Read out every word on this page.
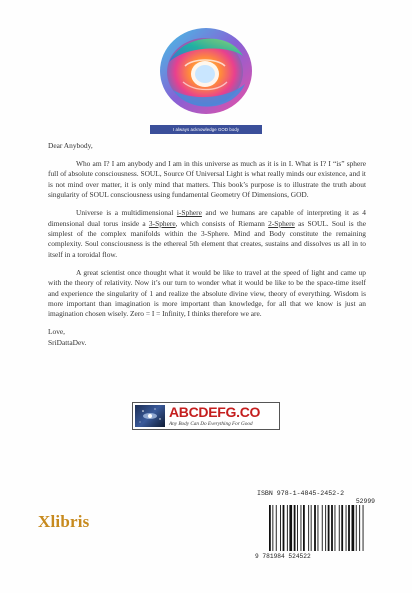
I always acknowledge GOD body

Dear Anybody,

Who am I? I am anybody and I am in this universe as much as it is in I. What is I? I “is” sphere full of absolute consciousness. SOUL, Source Of Universal Light is what really minds our existence, and it is not mind over matter, it is only mind that matters. This book’s purpose is to illustrate the truth about singularity of SOUL consciousness using fundamental Geometry Of Dimensions, GOD.

Universe is a multidimensional i-Sphere and we humans are capable of interpreting it as 4 dimensional dual torus inside a 3-Sphere, which consists of Riemann 2-Sphere as SOUL. Soul is the simplest of the complex manifolds within the 3-Sphere. Mind and Body constitute the remaining complexity. Soul consciousness is the ethereal 5th element that creates, sustains and dissolves us all in to itself in a toroidal flow.

A great scientist once thought what it would be like to travel at the speed of light and came up with the theory of relativity. Now it’s our turn to wonder what it would be like to be the space-time itself and experience the singularity of 1 and realize the absolute divine view, theory of everything. Wisdom is more important than imagination is more important than knowledge, for all that we know is just an imagination chosen wisely. Zero = I = Infinity, I thinks therefore we are.

Love,

SriDattaDev.

ABCDEFG.CO
Any Body Can Do Everything For Good
Xlibris
ISBN 978-1-4845-2452-2
52999
9 781984 524522
